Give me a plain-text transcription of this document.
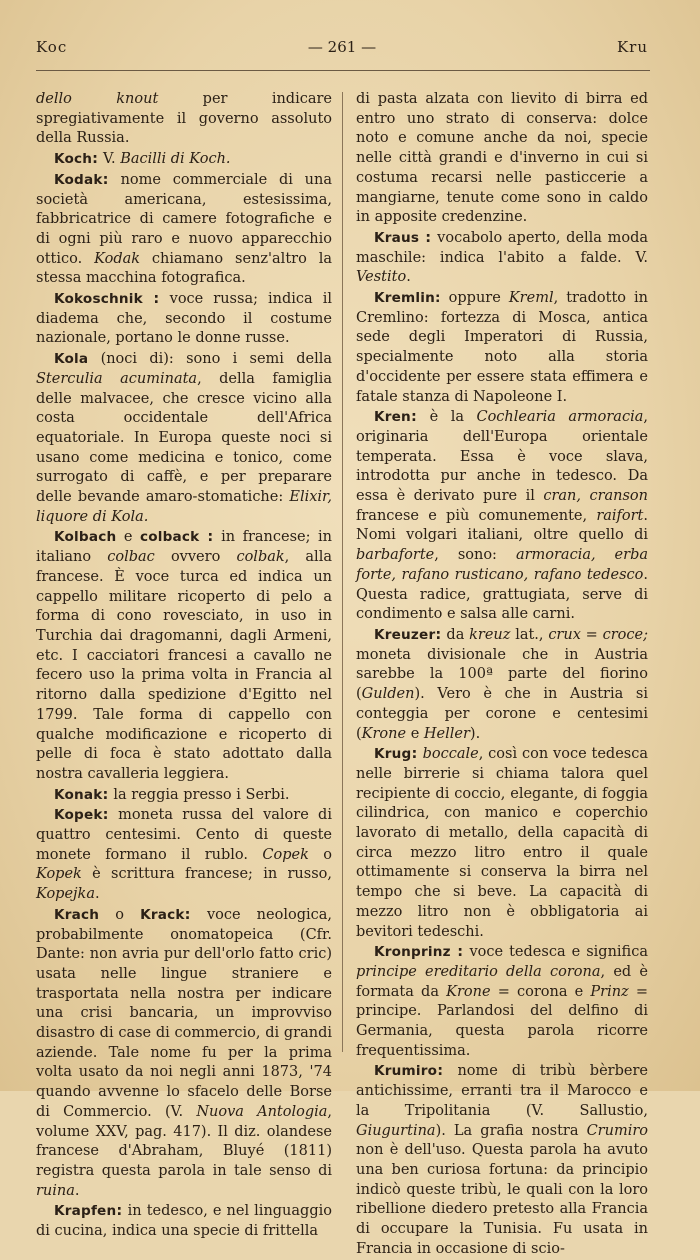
Koc	— 261 —	Kru

dello knout per indicare spregiativamente il governo assoluto della Russia.

Koch: V. Bacilli di Koch.

Kodak: nome commerciale di una società americana, estesissima, fabbricatrice di camere fotografiche e di ogni più raro e nuovo apparecchio ottico. Kodak chiamano senz'altro la stessa macchina fotografica.

Kokoschnik : voce russa; indica il diadema che, secondo il costume nazionale, portano le donne russe.

Kola (noci di): sono i semi della Sterculia acuminata, della famiglia delle malvacee, che cresce vicino alla costa occidentale dell'Africa equatoriale. In Europa queste noci si usano come medicina e tonico, come surrogato di caffè, e per preparare delle bevande amaro-stomatiche: Elixir, liquore di Kola.

Kolbach e colback : in francese; in italiano colbac ovvero colbak, alla francese. È voce turca ed indica un cappello militare ricoperto di pelo a forma di cono rovesciato, in uso in Turchia dai dragomanni, dagli Armeni, etc. I cacciatori francesi a cavallo ne fecero uso la prima volta in Francia al ritorno dalla spedizione d'Egitto nel 1799. Tale forma di cappello con qualche modificazione e ricoperto di pelle di foca è stato adottato dalla nostra cavalleria leggiera.

Konak: la reggia presso i Serbi.

Kopek: moneta russa del valore di quattro centesimi. Cento di queste monete formano il rublo. Copek o Kopek è scrittura francese; in russo, Kopejka.

Krach o Krack: voce neologica, probabilmente onomatopeica (Cfr. Dante: non avria pur dell'orlo fatto cric) usata nelle lingue straniere e trasportata nella nostra per indicare una crisi bancaria, un improvviso disastro di case di commercio, di grandi aziende. Tale nome fu per la prima volta usato da noi negli anni 1873, '74 quando avvenne lo sfacelo delle Borse di Commercio. (V. Nuova Antologia, volume XXV, pag. 417). Il diz. olandese francese d'Abraham, Bluyé (1811) registra questa parola in tale senso di ruina.

Krapfen: in tedesco, e nel linguaggio di cucina, indica una specie di frittella

di pasta alzata con lievito di birra ed entro uno strato di conserva: dolce noto e comune anche da noi, specie nelle città grandi e d'inverno in cui si costuma recarsi nelle pasticcerie a mangiarne, tenute come sono in caldo in apposite credenzine.

Kraus : vocabolo aperto, della moda maschile: indica l'abito a falde. V. Vestito.

Kremlin: oppure Kreml, tradotto in Cremlino: fortezza di Mosca, antica sede degli Imperatori di Russia, specialmente noto alla storia d'occidente per essere stata effimera e fatale stanza di Napoleone I.

Kren: è la Cochlearia armoracia, originaria dell'Europa orientale temperata. Essa è voce slava, introdotta pur anche in tedesco. Da essa è derivato pure il cran, cranson francese e più comunemente, raifort. Nomi volgari italiani, oltre quello di barbaforte, sono: armoracia, erba forte, rafano rusticano, rafano tedesco. Questa radice, grattugiata, serve di condimento e salsa alle carni.

Kreuzer: da kreuz lat., crux = croce; moneta divisionale che in Austria sarebbe la 100ª parte del fiorino (Gulden). Vero è che in Austria si conteggia per corone e centesimi (Krone e Heller).

Krug: boccale, così con voce tedesca nelle birrerie si chiama talora quel recipiente di coccio, elegante, di foggia cilindrica, con manico e coperchio lavorato di metallo, della capacità di circa mezzo litro entro il quale ottimamente si conserva la birra nel tempo che si beve. La capacità di mezzo litro non è obbligatoria ai bevitori tedeschi.

Kronprinz : voce tedesca e significa principe ereditario della corona, ed è formata da Krone = corona e Prinz = principe. Parlandosi del delfino di Germania, questa parola ricorre frequentissima.

Krumiro: nome di tribù bèrbere antichissime, erranti tra il Marocco e la Tripolitania (V. Sallustio, Giugurtina). La grafia nostra Crumiro non è dell'uso. Questa parola ha avuto una ben curiosa fortuna: da principio indicò queste tribù, le quali con la loro ribellione diedero pretesto alla Francia di occupare la Tunisia. Fu usata in Francia in occasione di scio-
